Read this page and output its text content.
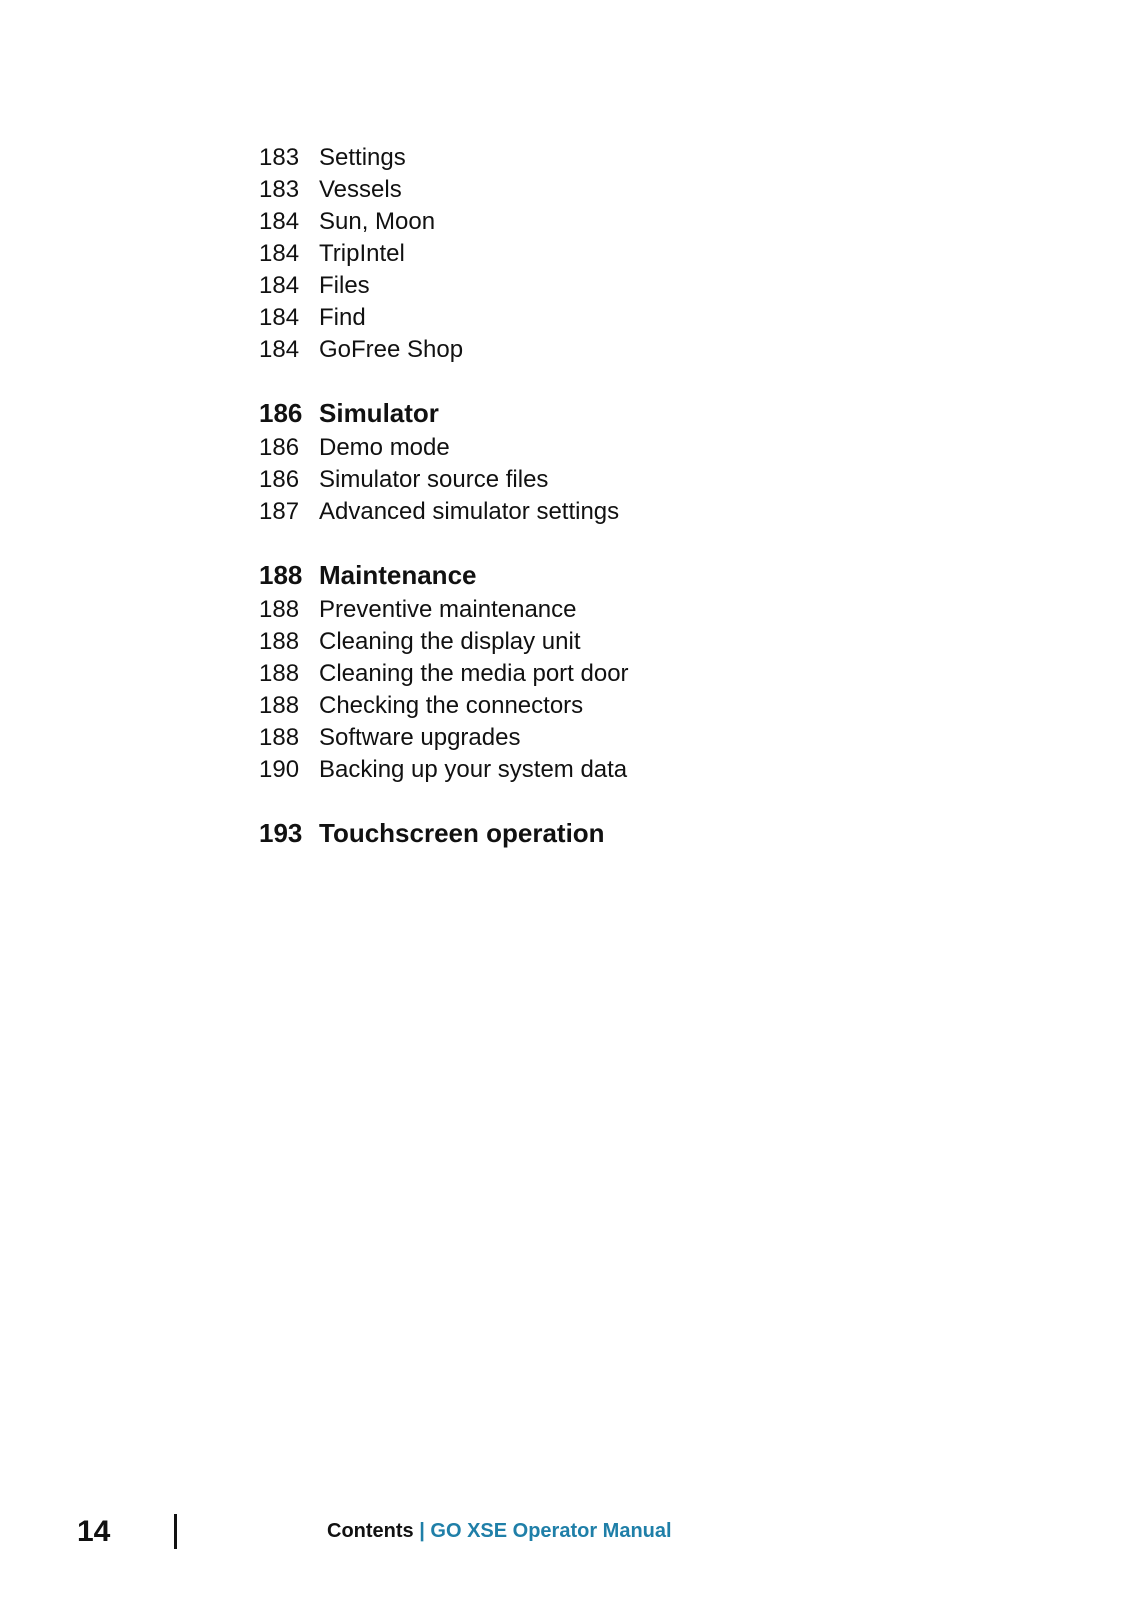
183 Settings
183 Vessels
184 Sun, Moon
184 TripIntel
184 Files
184 Find
184 GoFree Shop
186 Simulator
186 Demo mode
186 Simulator source files
187 Advanced simulator settings
188 Maintenance
188 Preventive maintenance
188 Cleaning the display unit
188 Cleaning the media port door
188 Checking the connectors
188 Software upgrades
190 Backing up your system data
193 Touchscreen operation
14	Contents | GO XSE Operator Manual
